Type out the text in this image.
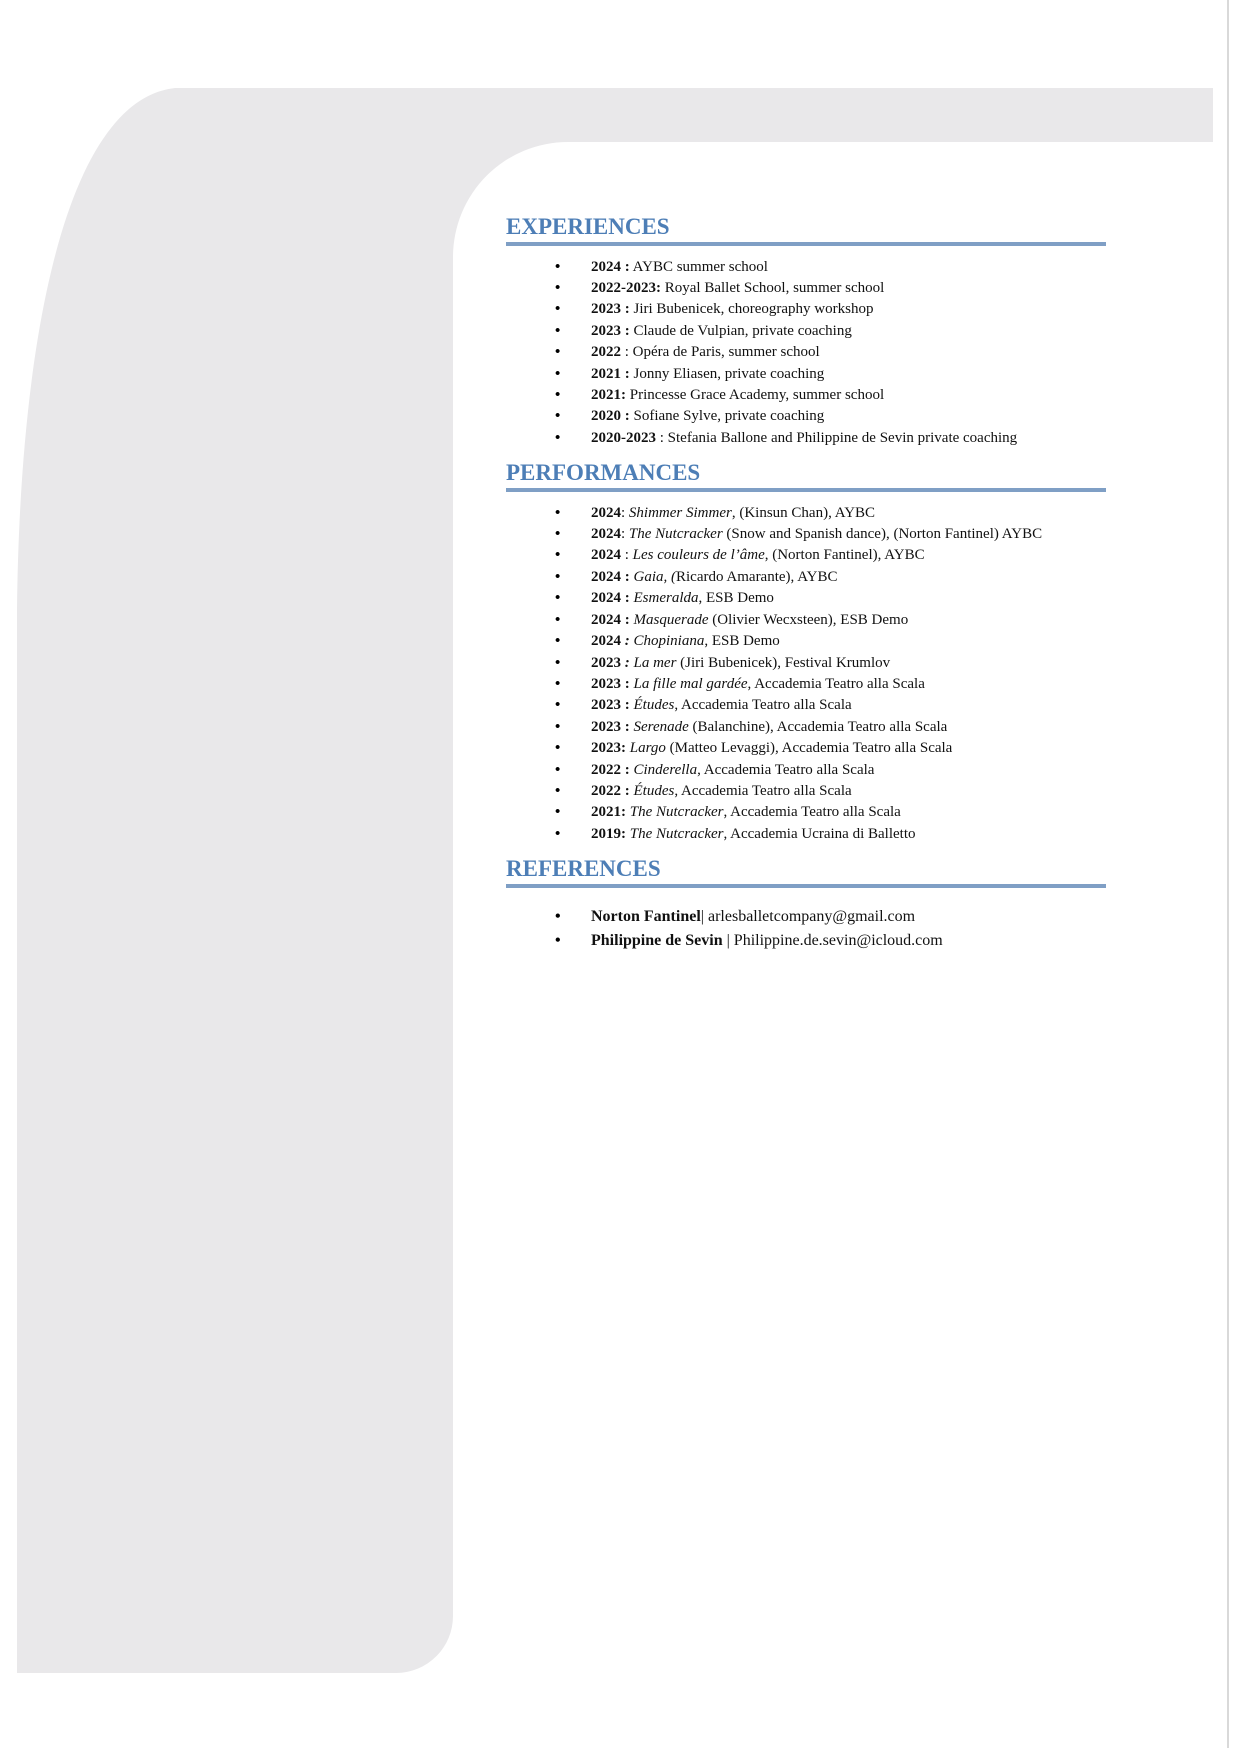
EXPERIENCES
• 2024 : AYBC summer school
• 2022-2023: Royal Ballet School, summer school
• 2023 : Jiri Bubenicek, choreography workshop
• 2023 : Claude de Vulpian, private coaching
• 2022 : Opéra de Paris, summer school
• 2021 : Jonny Eliasen, private coaching
• 2021: Princesse Grace Academy, summer school
• 2020 : Sofiane Sylve, private coaching
• 2020-2023 : Stefania Ballone and Philippine de Sevin private coaching
PERFORMANCES
• 2024: Shimmer Simmer, (Kinsun Chan), AYBC
• 2024: The Nutcracker (Snow and Spanish dance), (Norton Fantinel) AYBC
• 2024 : Les couleurs de l’âme, (Norton Fantinel), AYBC
• 2024 : Gaia, (Ricardo Amarante), AYBC
• 2024 : Esmeralda, ESB Demo
• 2024 : Masquerade (Olivier Wecxsteen), ESB Demo
• 2024 : Chopiniana, ESB Demo
• 2023 : La mer (Jiri Bubenicek), Festival Krumlov
• 2023 : La fille mal gardée, Accademia Teatro alla Scala
• 2023 : Études, Accademia Teatro alla Scala
• 2023 : Serenade (Balanchine), Accademia Teatro alla Scala
• 2023: Largo (Matteo Levaggi), Accademia Teatro alla Scala
• 2022 : Cinderella, Accademia Teatro alla Scala
• 2022 : Études, Accademia Teatro alla Scala
• 2021: The Nutcracker, Accademia Teatro alla Scala
• 2019: The Nutcracker, Accademia Ucraina di Balletto
REFERENCES
• Norton Fantinel| arlesballetcompany@gmail.com
• Philippine de Sevin | Philippine.de.sevin@icloud.com
